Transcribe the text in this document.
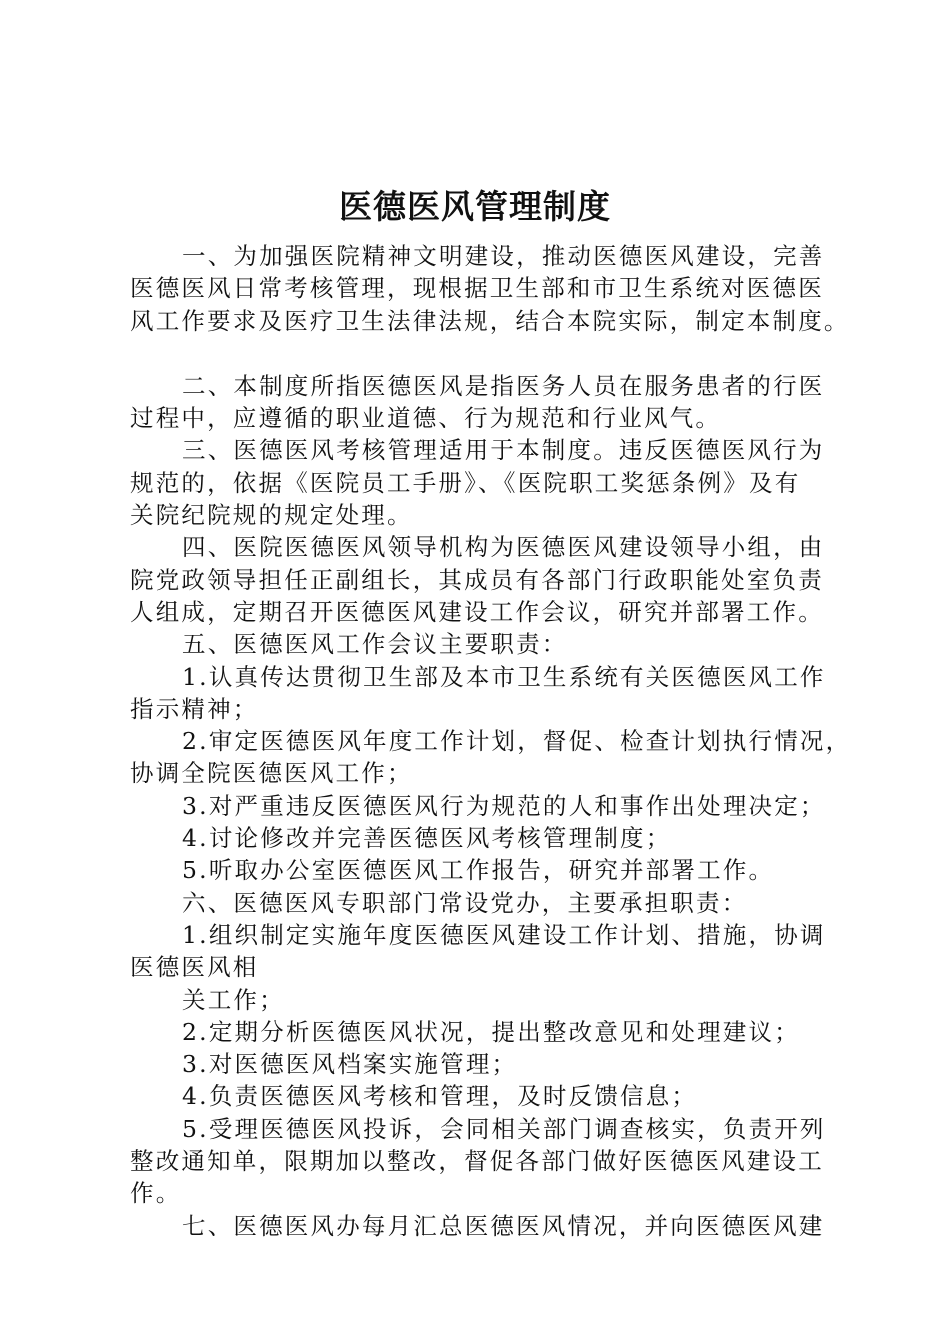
医德医风管理制度
一、为加强医院精神文明建设，推动医德医风建设，完善
医德医风日常考核管理，现根据卫生部和市卫生系统对医德医
风工作要求及医疗卫生法律法规，结合本院实际，制定本制度。
二、本制度所指医德医风是指医务人员在服务患者的行医
过程中，应遵循的职业道德、行为规范和行业风气。
三、医德医风考核管理适用于本制度。违反医德医风行为
规范的，依据《医院员工手册》、《医院职工奖惩条例》及有
关院纪院规的规定处理。
四、医院医德医风领导机构为医德医风建设领导小组，由
院党政领导担任正副组长，其成员有各部门行政职能处室负责
人组成，定期召开医德医风建设工作会议，研究并部署工作。
五、医德医风工作会议主要职责：
1.认真传达贯彻卫生部及本市卫生系统有关医德医风工作
指示精神；
2.审定医德医风年度工作计划，督促、检查计划执行情况，
协调全院医德医风工作；
3.对严重违反医德医风行为规范的人和事作出处理决定；
4.讨论修改并完善医德医风考核管理制度；
5.听取办公室医德医风工作报告，研究并部署工作。
六、医德医风专职部门常设党办，主要承担职责：
1.组织制定实施年度医德医风建设工作计划、措施，协调
医德医风相
关工作；
2.定期分析医德医风状况，提出整改意见和处理建议；
3.对医德医风档案实施管理；
4.负责医德医风考核和管理，及时反馈信息；
5.受理医德医风投诉，会同相关部门调查核实，负责开列
整改通知单，限期加以整改，督促各部门做好医德医风建设工
作。
七、医德医风办每月汇总医德医风情况，并向医德医风建
